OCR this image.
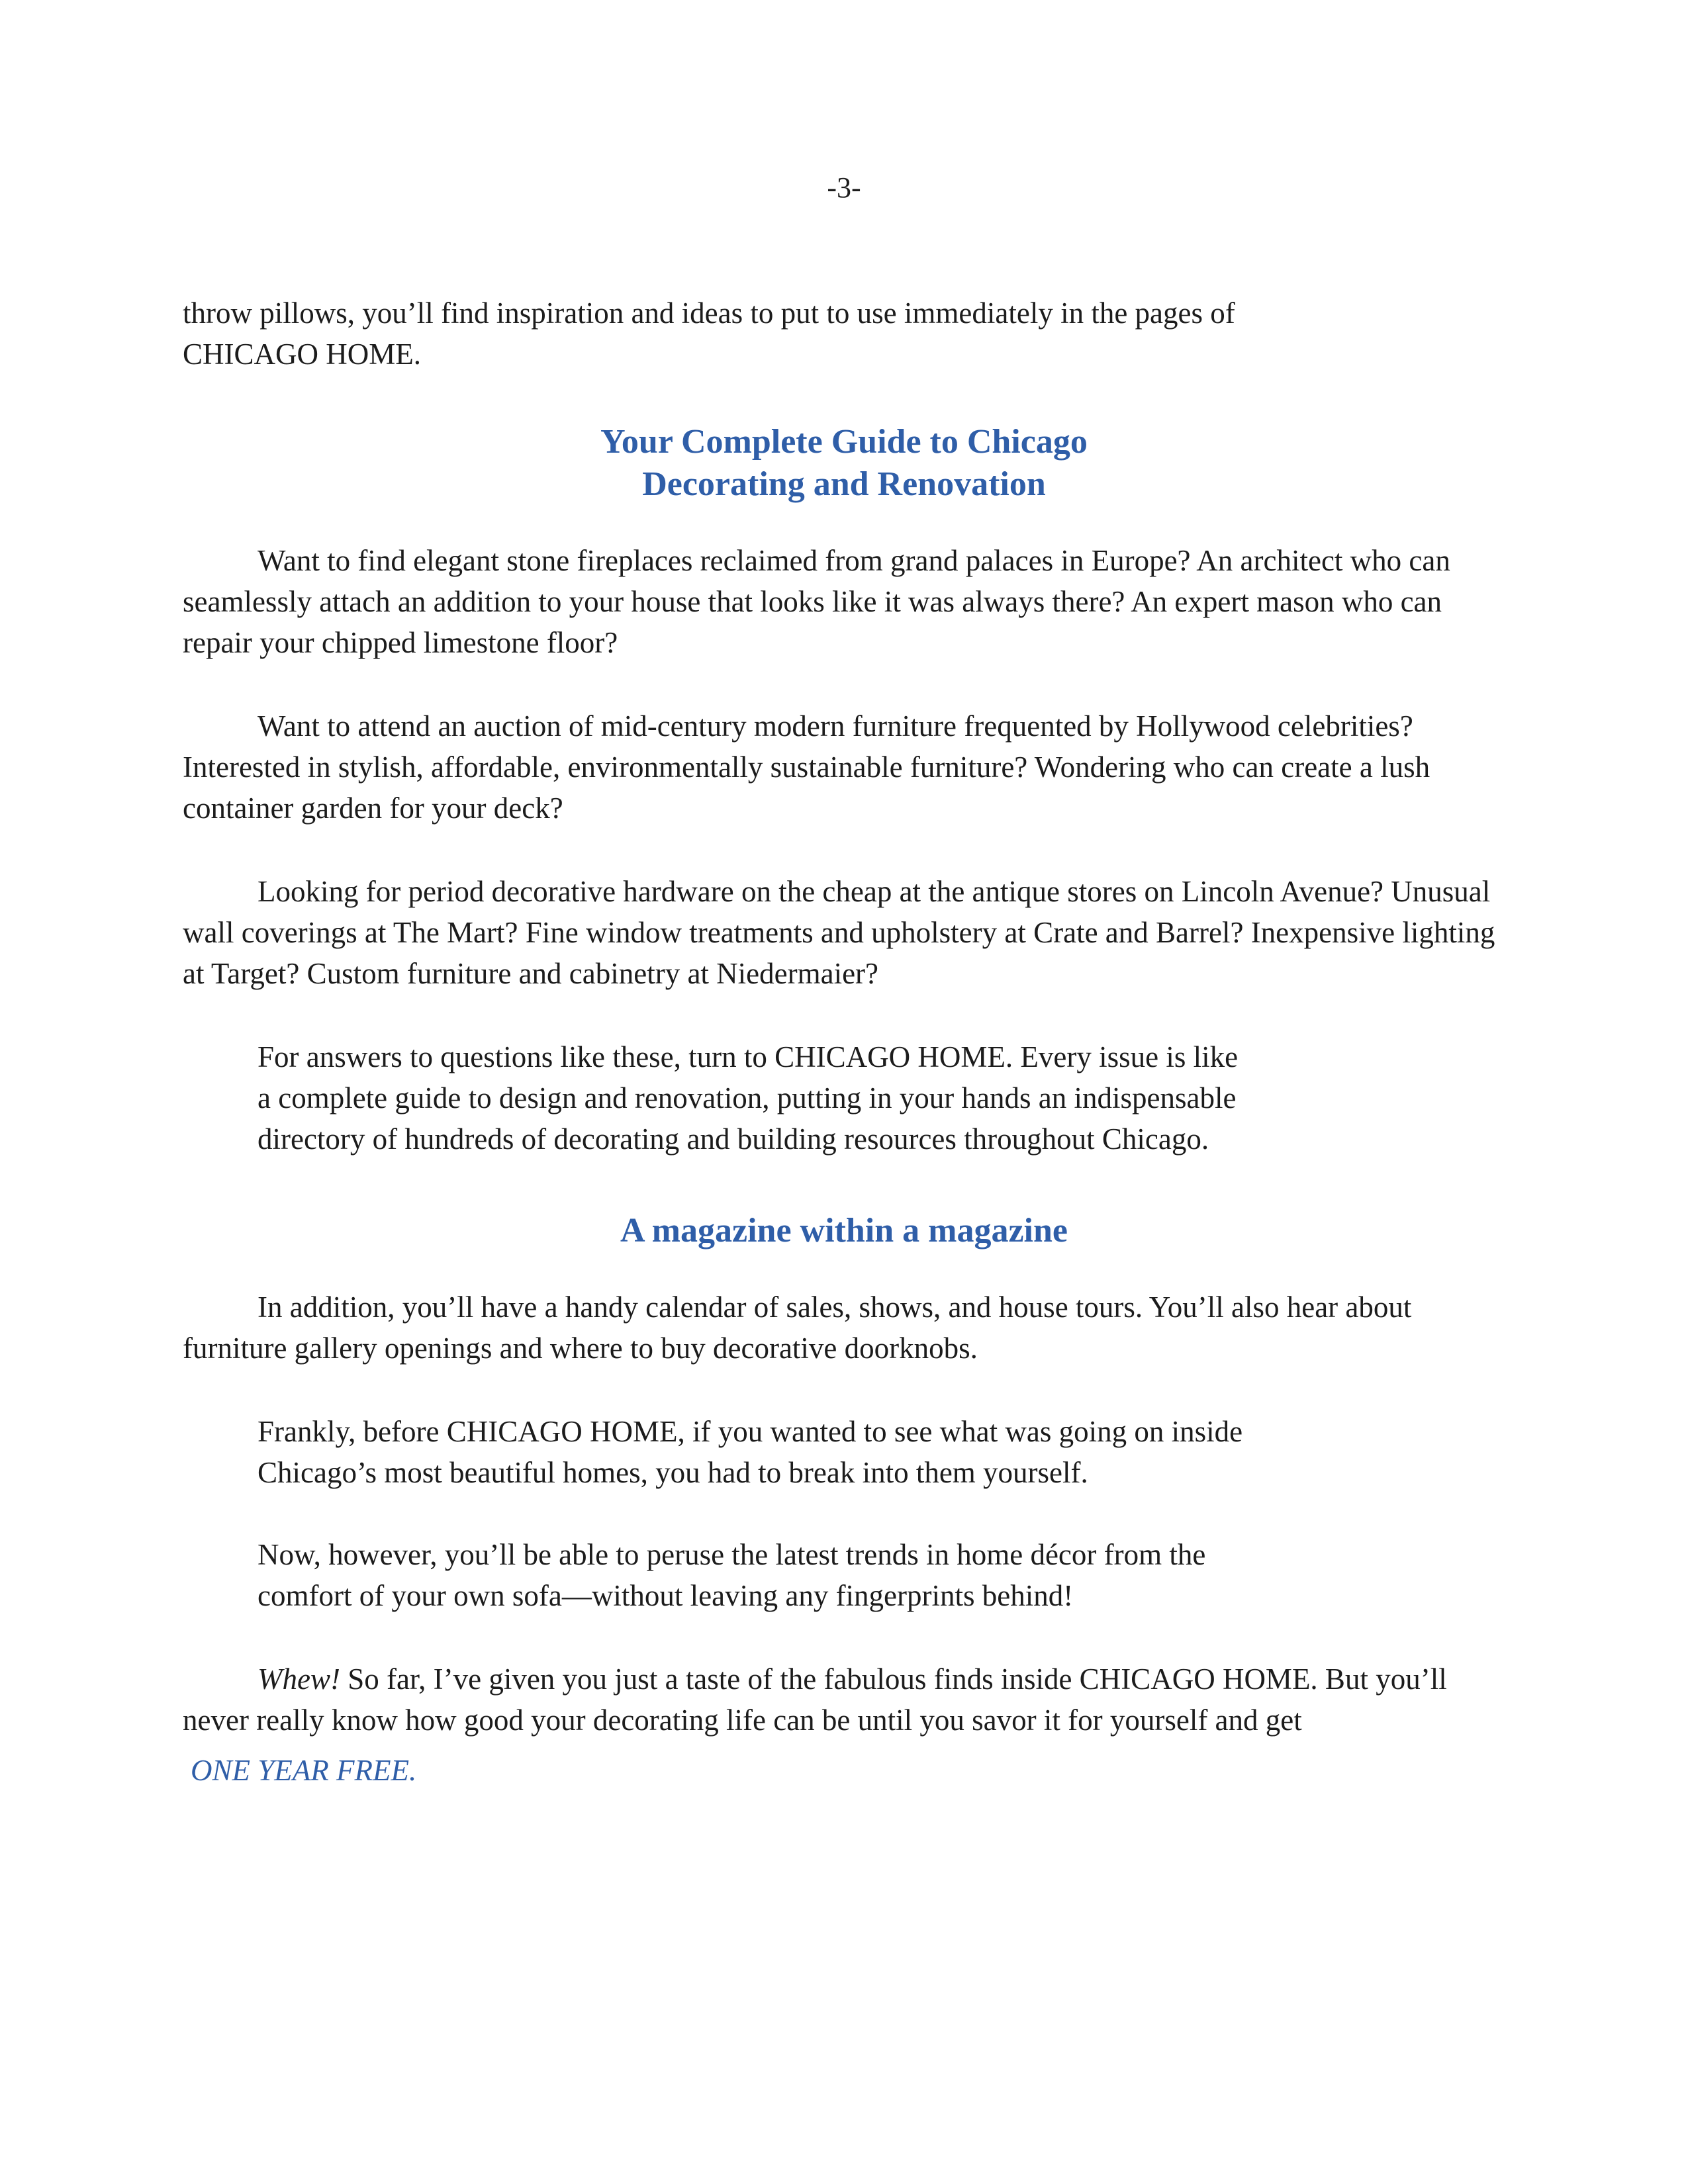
-3-

throw pillows, you’ll find inspiration and ideas to put to use immediately in the pages of
CHICAGO HOME.

Your Complete Guide to Chicago
Decorating and Renovation

Want to find elegant stone fireplaces reclaimed from grand palaces in Europe? An architect who can seamlessly attach an addition to your house that looks like it was always there? An expert mason who can repair your chipped limestone floor?

Want to attend an auction of mid-century modern furniture frequented by Hollywood celebrities? Interested in stylish, affordable, environmentally sustainable furniture? Wondering who can create a lush container garden for your deck?

Looking for period decorative hardware on the cheap at the antique stores on Lincoln Avenue? Unusual wall coverings at The Mart? Fine window treatments and upholstery at Crate and Barrel? Inexpensive lighting at Target? Custom furniture and cabinetry at Niedermaier?

For answers to questions like these, turn to CHICAGO HOME. Every issue is like
a complete guide to design and renovation, putting in your hands an indispensable
directory of hundreds of decorating and building resources throughout Chicago.

A magazine within a magazine

In addition, you’ll have a handy calendar of sales, shows, and house tours. You’ll also hear about furniture gallery openings and where to buy decorative doorknobs.

Frankly, before CHICAGO HOME, if you wanted to see what was going on inside
Chicago’s most beautiful homes, you had to break into them yourself.

Now, however, you’ll be able to peruse the latest trends in home décor from the
comfort of your own sofa—without leaving any fingerprints behind!

Whew! So far, I’ve given you just a taste of the fabulous finds inside CHICAGO HOME. But you’ll never really know how good your decorating life can be until you savor it for yourself and get

ONE YEAR FREE.
